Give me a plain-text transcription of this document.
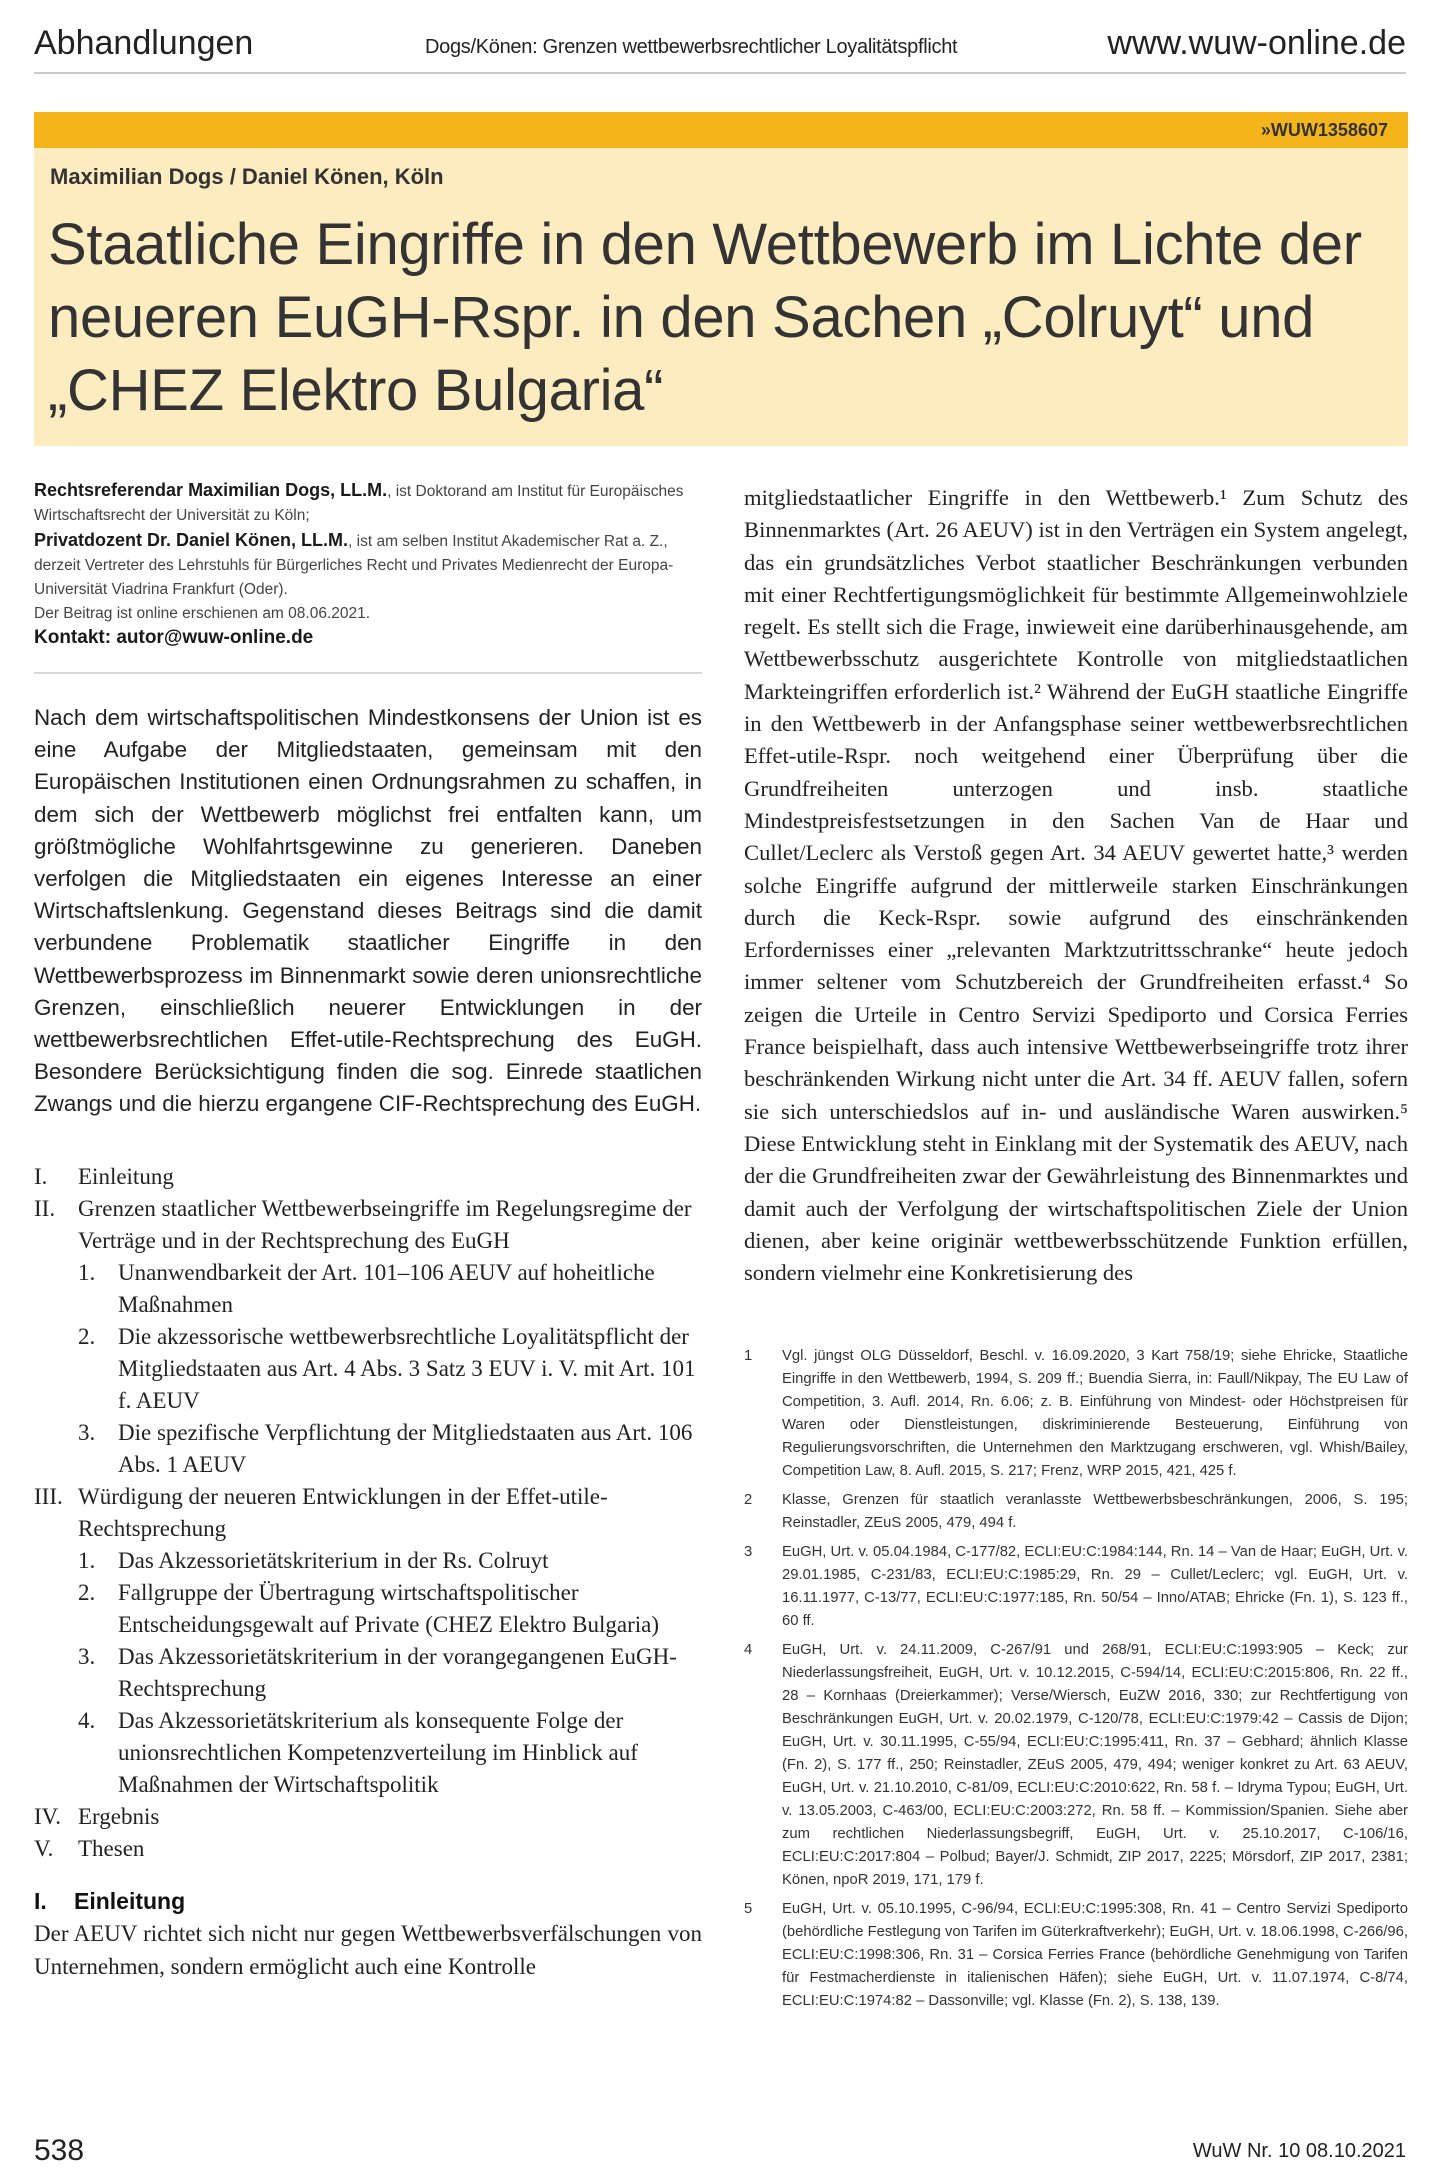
Abhandlungen	Dogs/Könen: Grenzen wettbewerbsrechtlicher Loyalitätspflicht	www.wuw-online.de
»WUW1358607
Maximilian Dogs / Daniel Könen, Köln
Staatliche Eingriffe in den Wettbewerb im Lichte der neueren EuGH-Rspr. in den Sachen „Colruyt“ und „CHEZ Elektro Bulgaria“
Rechtsreferendar Maximilian Dogs, LL.M., ist Doktorand am Institut für Europäisches Wirtschaftsrecht der Universität zu Köln;
Privatdozent Dr. Daniel Könen, LL.M., ist am selben Institut Akademischer Rat a. Z., derzeit Vertreter des Lehrstuhls für Bürgerliches Recht und Privates Medienrecht der Europa-Universität Viadrina Frankfurt (Oder).
Der Beitrag ist online erschienen am 08.06.2021.
Kontakt: autor@wuw-online.de

Nach dem wirtschaftspolitischen Mindestkonsens der Union ist es eine Aufgabe der Mitgliedstaaten, gemeinsam mit den Europäischen Institutionen einen Ordnungsrahmen zu schaffen, in dem sich der Wettbewerb möglichst frei entfalten kann, um größtmögliche Wohlfahrtsgewinne zu generieren. Daneben verfolgen die Mitgliedstaaten ein eigenes Interesse an einer Wirtschaftslenkung. Gegenstand dieses Beitrags sind die damit verbundene Problematik staatlicher Eingriffe in den Wettbewerbsprozess im Binnenmarkt sowie deren unionsrechtliche Grenzen, einschließlich neuerer Entwicklungen in der wettbewerbsrechtlichen Effet-utile-Rechtsprechung des EuGH. Besondere Berücksichtigung finden die sog. Einrede staatlichen Zwangs und die hierzu ergangene CIF-Rechtsprechung des EuGH.

I.	Einleitung
II. Grenzen staatlicher Wettbewerbseingriffe im Regelungsregime der Verträge und in der Rechtsprechung des EuGH
1. Unanwendbarkeit der Art. 101–106 AEUV auf hoheitliche Maßnahmen
2. Die akzessorische wettbewerbsrechtliche Loyalitätspflicht der Mitgliedstaaten aus Art. 4 Abs. 3 Satz 3 EUV i. V. mit Art. 101 f. AEUV
3. Die spezifische Verpflichtung der Mitgliedstaaten aus Art. 106 Abs. 1 AEUV
III. Würdigung der neueren Entwicklungen in der Effet-utile-Rechtsprechung
1. Das Akzessorietätskriterium in der Rs. Colruyt
2. Fallgruppe der Übertragung wirtschaftspolitischer Entscheidungsgewalt auf Private (CHEZ Elektro Bulgaria)
3. Das Akzessorietätskriterium in der vorangegangenen EuGH-Rechtsprechung
4. Das Akzessorietätskriterium als konsequente Folge der unionsrechtlichen Kompetenzverteilung im Hinblick auf Maßnahmen der Wirtschaftspolitik
IV. Ergebnis
V.	Thesen
I. Einleitung

Der AEUV richtet sich nicht nur gegen Wettbewerbsverfälschungen von Unternehmen, sondern ermöglicht auch eine Kontrolle

mitgliedstaatlicher Eingriffe in den Wettbewerb.¹ Zum Schutz des Binnenmarktes (Art. 26 AEUV) ist in den Verträgen ein System angelegt, das ein grundsätzliches Verbot staatlicher Beschränkungen verbunden mit einer Rechtfertigungsmöglichkeit für bestimmte Allgemeinwohlziele regelt. Es stellt sich die Frage, inwieweit eine darüberhinausgehende, am Wettbewerbsschutz ausgerichtete Kontrolle von mitgliedstaatlichen Markteingriffen erforderlich ist.² Während der EuGH staatliche Eingriffe in den Wettbewerb in der Anfangsphase seiner wettbewerbsrechtlichen Effet-utile-Rspr. noch weitgehend einer Überprüfung über die Grundfreiheiten unterzogen und insb. staatliche Mindestpreisfestsetzungen in den Sachen Van de Haar und Cullet/Leclerc als Verstoß gegen Art. 34 AEUV gewertet hatte,³ werden solche Eingriffe aufgrund der mittlerweile starken Einschränkungen durch die Keck-Rspr. sowie aufgrund des einschränkenden Erfordernisses einer „relevanten Marktzutrittsschranke“ heute jedoch immer seltener vom Schutzbereich der Grundfreiheiten erfasst.⁴ So zeigen die Urteile in Centro Servizi Spediporto und Corsica Ferries France beispielhaft, dass auch intensive Wettbewerbseingriffe trotz ihrer beschränkenden Wirkung nicht unter die Art. 34 ff. AEUV fallen, sofern sie sich unterschiedslos auf in- und ausländische Waren auswirken.⁵ Diese Entwicklung steht in Einklang mit der Systematik des AEUV, nach der die Grundfreiheiten zwar der Gewährleistung des Binnenmarktes und damit auch der Verfolgung der wirtschaftspolitischen Ziele der Union dienen, aber keine originär wettbewerbsschützende Funktion erfüllen, sondern vielmehr eine Konkretisierung des

1	Vgl. jüngst OLG Düsseldorf, Beschl. v. 16.09.2020, 3 Kart 758/19; siehe Ehricke, Staatliche Eingriffe in den Wettbewerb, 1994, S. 209 ff.; Buendia Sierra, in: Faull/Nikpay, The EU Law of Competition, 3. Aufl. 2014, Rn. 6.06; z. B. Einführung von Mindest- oder Höchstpreisen für Waren oder Dienstleistungen, diskriminierende Besteuerung, Einführung von Regulierungsvorschriften, die Unternehmen den Marktzugang erschweren, vgl. Whish/Bailey, Competition Law, 8. Aufl. 2015, S. 217; Frenz, WRP 2015, 421, 425 f.
2	Klasse, Grenzen für staatlich veranlasste Wettbewerbsbeschränkungen, 2006, S. 195; Reinstadler, ZEuS 2005, 479, 494 f.
3	EuGH, Urt. v. 05.04.1984, C-177/82, ECLI:EU:C:1984:144, Rn. 14 – Van de Haar; EuGH, Urt. v. 29.01.1985, C-231/83, ECLI:EU:C:1985:29, Rn. 29 – Cullet/Leclerc; vgl. EuGH, Urt. v. 16.11.1977, C-13/77, ECLI:EU:C:1977:185, Rn. 50/54 – Inno/ATAB; Ehricke (Fn. 1), S. 123 ff., 60 ff.
4	EuGH, Urt. v. 24.11.2009, C-267/91 und 268/91, ECLI:EU:C:1993:905 – Keck; zur Niederlassungsfreiheit, EuGH, Urt. v. 10.12.2015, C-594/14, ECLI:EU:C:2015:806, Rn. 22 ff., 28 – Kornhaas (Dreierkammer); Verse/Wiersch, EuZW 2016, 330; zur Rechtfertigung von Beschränkungen EuGH, Urt. v. 20.02.1979, C-120/78, ECLI:EU:C:1979:42 – Cassis de Dijon; EuGH, Urt. v. 30.11.1995, C-55/94, ECLI:EU:C:1995:411, Rn. 37 – Gebhard; ähnlich Klasse (Fn. 2), S. 177 ff., 250; Reinstadler, ZEuS 2005, 479, 494; weniger konkret zu Art. 63 AEUV, EuGH, Urt. v. 21.10.2010, C-81/09, ECLI:EU:C:2010:622, Rn. 58 f. – Idryma Typou; EuGH, Urt. v. 13.05.2003, C-463/00, ECLI:EU:C:2003:272, Rn. 58 ff. – Kommission/Spanien. Siehe aber zum rechtlichen Niederlassungsbegriff, EuGH, Urt. v. 25.10.2017, C-106/16, ECLI:EU:C:2017:804 – Polbud; Bayer/J. Schmidt, ZIP 2017, 2225; Mörsdorf, ZIP 2017, 2381; Könen, npoR 2019, 171, 179 f.
5	EuGH, Urt. v. 05.10.1995, C-96/94, ECLI:EU:C:1995:308, Rn. 41 – Centro Servizi Spediporto (behördliche Festlegung von Tarifen im Güterkraftverkehr); EuGH, Urt. v. 18.06.1998, C-266/96, ECLI:EU:C:1998:306, Rn. 31 – Corsica Ferries France (behördliche Genehmigung von Tarifen für Festmacherdienste in italienischen Häfen); siehe EuGH, Urt. v. 11.07.1974, C-8/74, ECLI:EU:C:1974:82 – Dassonville; vgl. Klasse (Fn. 2), S. 138, 139.
538	WuW Nr. 10 08.10.2021
